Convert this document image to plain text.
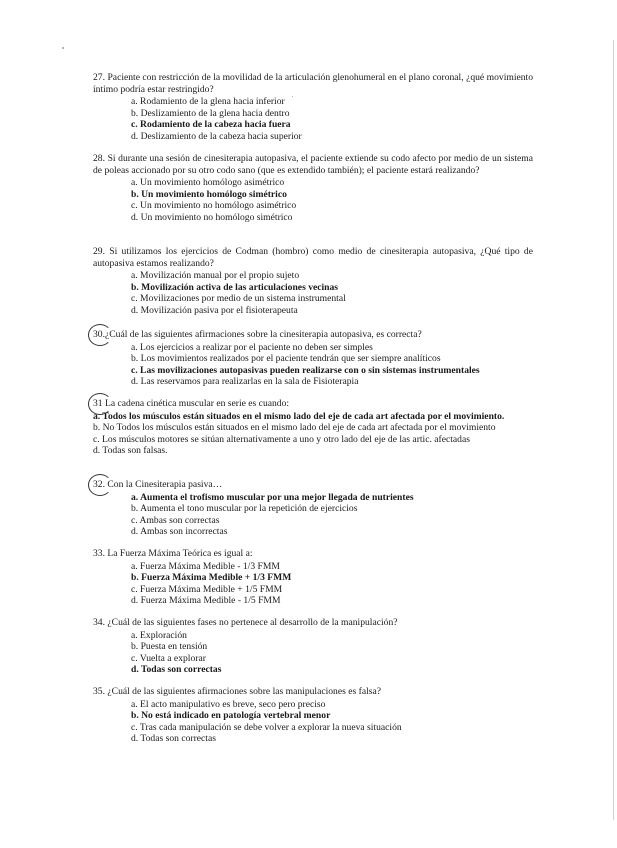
27. Paciente con restricción de la movilidad de la articulación glenohumeral en el plano coronal, ¿qué movimiento íntimo podría estar restringido?
a. Rodamiento de la glena hacia inferior
b. Deslizamiento de la glena hacia dentro
c. Rodamiento de la cabeza hacia fuera
d. Deslizamiento de la cabeza hacia superior
28. Si durante una sesión de cinesiterapia autopasiva, el paciente extiende su codo afecto por medio de un sistema de poleas accionado por su otro codo sano (que es extendido también); el paciente estará realizando?
a. Un movimiento homólogo asimétrico
b. Un movimiento homólogo simétrico
c. Un movimiento no homólogo asimétrico
d. Un movimiento no homólogo simétrico
29. Si utilizamos los ejercicios de Codman (hombro) como medio de cinesiterapia autopasiva, ¿Qué tipo de autopasiva estamos realizando?
a. Movilización manual por el propio sujeto
b. Movilización activa de las articulaciones vecinas
c. Movilizaciones por medio de un sistema instrumental
d. Movilización pasiva por el fisioterapeuta
30.¿Cuál de las siguientes afirmaciones sobre la cinesiterapia autopasiva, es correcta?
a. Los ejercicios a realizar por el paciente no deben ser simples
b. Los movimientos realizados por el paciente tendrán que ser siempre analíticos
c. Las movilizaciones autopasivas pueden realizarse con o sin sistemas instrumentales
d. Las reservamos para realizarlas en la sala de Fisioterapia
31 La cadena cinética muscular en serie es cuando:
a. Todos los músculos están situados en el mismo lado del eje de cada art afectada por el movimiento.
b. No Todos los músculos están situados en el mismo lado del eje de cada art afectada por el movimiento
c. Los músculos motores se sitúan alternativamente a uno y otro lado del eje de las artic. afectadas
d. Todas son falsas.
32. Con la Cinesiterapia pasiva…
a. Aumenta el trofismo muscular por una mejor llegada de nutrientes
b. Aumenta el tono muscular por la repetición de ejercicios
c. Ambas son correctas
d. Ambas son incorrectas
33. La Fuerza Máxima Teórica es igual a:
a. Fuerza Máxima Medible - 1/3 FMM
b. Fuerza Máxima Medible + 1/3 FMM
c. Fuerza Máxima Medible + 1/5 FMM
d. Fuerza Máxima Medible - 1/5 FMM
34. ¿Cuál de las siguientes fases no pertenece al desarrollo de la manipulación?
a. Exploración
b. Puesta en tensión
c. Vuelta a explorar
d. Todas son correctas
35. ¿Cuál de las siguientes afirmaciones sobre las manipulaciones es falsa?
a. El acto manipulativo es breve, seco pero preciso
b. No está indicado en patología vertebral menor
c. Tras cada manipulación se debe volver a explorar la nueva situación
d. Todas son correctas
